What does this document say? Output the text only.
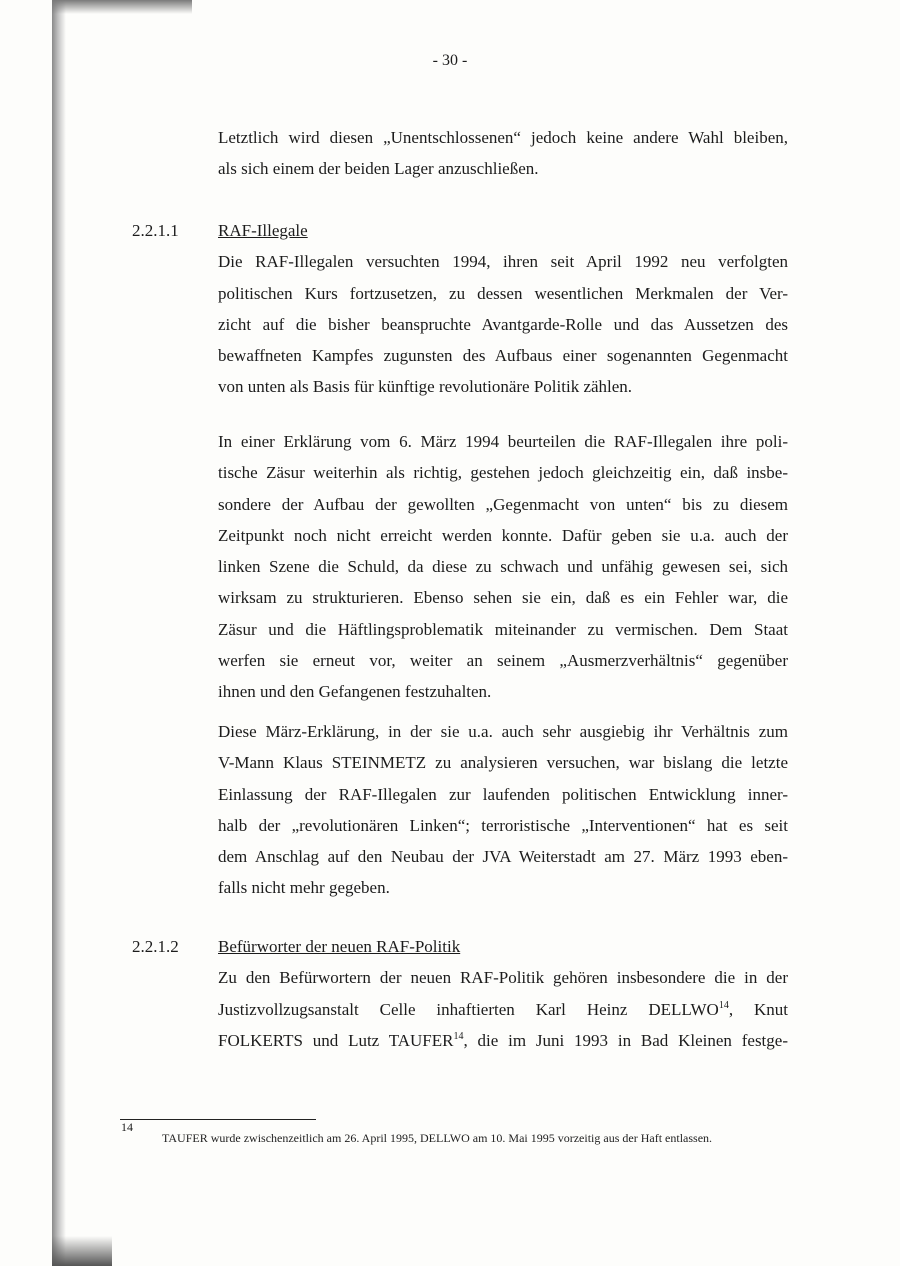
- 30 -
Letztlich wird diesen „Unentschlossenen“ jedoch keine andere Wahl bleiben,
als sich einem der beiden Lager anzuschließen.
2.2.1.1 RAF-Illegale
Die RAF-Illegalen versuchten 1994, ihren seit April 1992 neu verfolgten
politischen Kurs fortzusetzen, zu dessen wesentlichen Merkmalen der Ver-
zicht auf die bisher beanspruchte Avantgarde-Rolle und das Aussetzen des
bewaffneten Kampfes zugunsten des Aufbaus einer sogenannten Gegenmacht
von unten als Basis für künftige revolutionäre Politik zählen.
In einer Erklärung vom 6. März 1994 beurteilen die RAF-Illegalen ihre poli-
tische Zäsur weiterhin als richtig, gestehen jedoch gleichzeitig ein, daß insbe-
sondere der Aufbau der gewollten „Gegenmacht von unten“ bis zu diesem
Zeitpunkt noch nicht erreicht werden konnte. Dafür geben sie u.a. auch der
linken Szene die Schuld, da diese zu schwach und unfähig gewesen sei, sich
wirksam zu strukturieren. Ebenso sehen sie ein, daß es ein Fehler war, die
Zäsur und die Häftlingsproblematik miteinander zu vermischen. Dem Staat
werfen sie erneut vor, weiter an seinem „Ausmerzverhältnis“ gegenüber
ihnen und den Gefangenen festzuhalten.
Diese März-Erklärung, in der sie u.a. auch sehr ausgiebig ihr Verhältnis zum
V-Mann Klaus STEINMETZ zu analysieren versuchen, war bislang die letzte
Einlassung der RAF-Illegalen zur laufenden politischen Entwicklung inner-
halb der „revolutionären Linken“; terroristische „Interventionen“ hat es seit
dem Anschlag auf den Neubau der JVA Weiterstadt am 27. März 1993 eben-
falls nicht mehr gegeben.
2.2.1.2 Befürworter der neuen RAF-Politik
Zu den Befürwortern der neuen RAF-Politik gehören insbesondere die in der
Justizvollzugsanstalt Celle inhaftierten Karl Heinz DELLWO$^{14}$, Knut
FOLKERTS und Lutz TAUFER$^{14}$, die im Juni 1993 in Bad Kleinen festge-
14
TAUFER wurde zwischenzeitlich am 26. April 1995, DELLWO am 10. Mai 1995 vorzeitig aus der Haft entlassen.
